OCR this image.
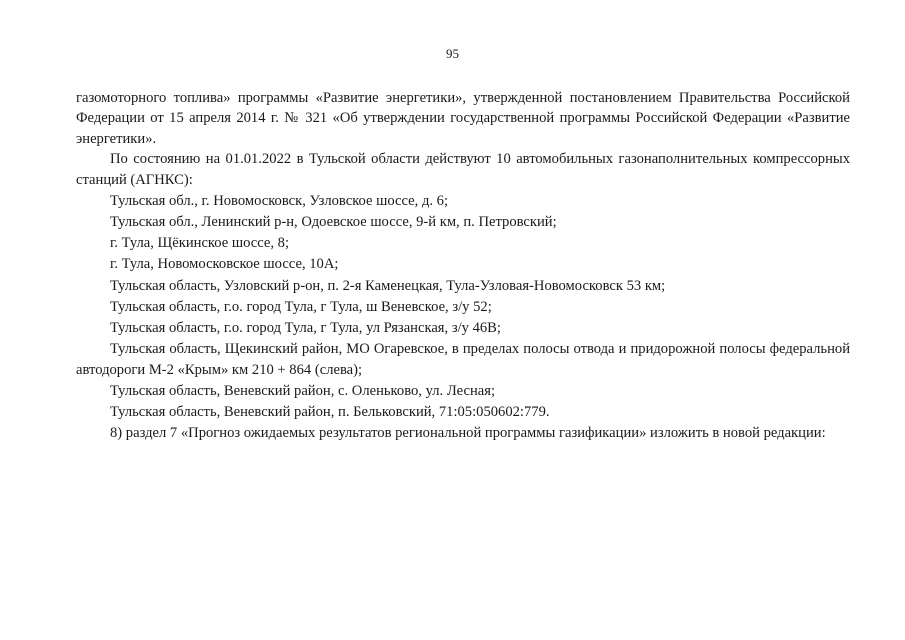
95

газомоторного топлива» программы «Развитие энергетики», утвержденной постановлением Правительства Российской Федерации от 15 апреля 2014 г. № 321 «Об утверждении государственной программы Российской Федерации «Развитие энергетики».

По состоянию на 01.01.2022 в Тульской области действуют 10 автомобильных газонаполнительных компрессорных станций (АГНКС):

Тульская обл., г. Новомосковск, Узловское шоссе, д. 6;

Тульская обл., Ленинский р-н, Одоевское шоссе, 9-й км, п. Петровский;

г. Тула, Щёкинское шоссе, 8;

г. Тула, Новомосковское шоссе, 10А;

Тульская область, Узловский р-он, п. 2-я Каменецкая, Тула-Узловая-Новомосковск 53 км;

Тульская область, г.о. город Тула, г Тула, ш Веневское, з/у 52;

Тульская область, г.о. город Тула, г Тула, ул Рязанская, з/у 46В;

Тульская область, Щекинский район, МО Огаревское, в пределах полосы отвода и придорожной полосы федеральной автодороги М-2 «Крым» км 210 + 864 (слева);

Тульская область, Веневский район, с. Оленьково, ул. Лесная;

Тульская область, Веневский район, п. Бельковский, 71:05:050602:779.

8) раздел 7 «Прогноз ожидаемых результатов региональной программы газификации» изложить в новой редакции:
